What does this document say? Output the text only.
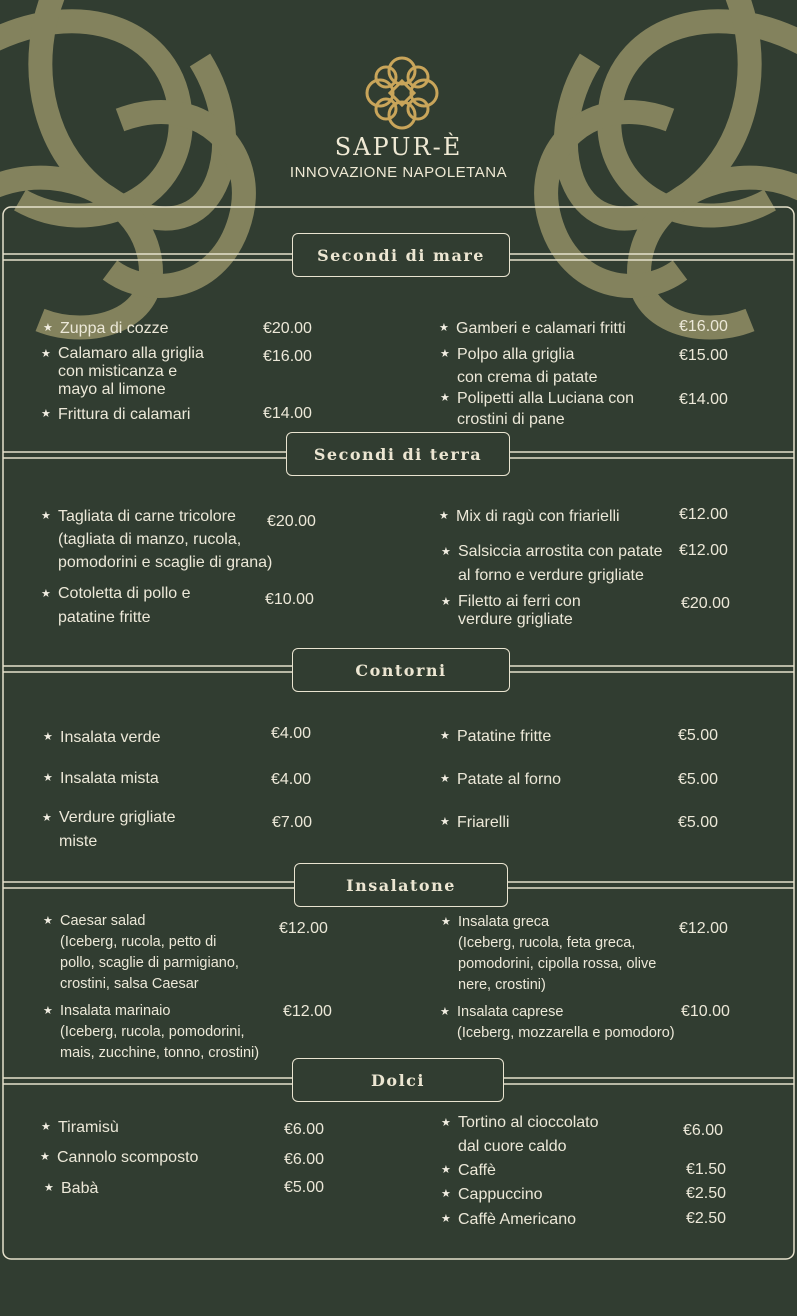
SAPUR-È
INNOVAZIONE NAPOLETANA
Secondi di mare
Secondi di terra
Contorni
Insalatone
Dolci
★ Zuppa di cozze	€20.00
★ Calamaro alla griglia
con misticanza e
mayo al limone
€16.00
★ Frittura di calamari	€14.00
★ Gamberi e calamari fritti	€16.00
★ Polpo alla griglia
con crema di patate
€15.00
★ Polipetti alla Luciana con
crostini di pane
€14.00
★ Tagliata di carne tricolore
(tagliata di manzo, rucola,
pomodorini e scaglie di grana)
€20.00
★ Cotoletta di pollo e
patatine fritte
€10.00
★ Mix di ragù con friarielli	€12.00
★ Salsiccia arrostita con patate
al forno e verdure grigliate
€12.00
★ Filetto ai ferri con
verdure grigliate
€20.00
★ Insalata verde	€4.00
★ Insalata mista	€4.00
★ Verdure grigliate
miste
€7.00
★ Patatine fritte	€5.00
★ Patate al forno	€5.00
★ Friarelli	€5.00
★ Caesar salad
(Iceberg, rucola, petto di
pollo, scaglie di parmigiano,
crostini, salsa Caesar
€12.00
★ Insalata marinaio
(Iceberg, rucola, pomodorini,
mais, zucchine, tonno, crostini)
€12.00
★ Insalata greca
(Iceberg, rucola, feta greca,
pomodorini, cipolla rossa, olive
nere, crostini)
€12.00
★ Insalata caprese
(Iceberg, mozzarella e pomodoro)
€10.00
★ Tiramisù	€6.00
★ Cannolo scomposto	€6.00
★ Babà	€5.00
★ Tortino al cioccolato
dal cuore caldo
€6.00
★ Caffè	€1.50
★ Cappuccino	€2.50
★ Caffè Americano	€2.50
